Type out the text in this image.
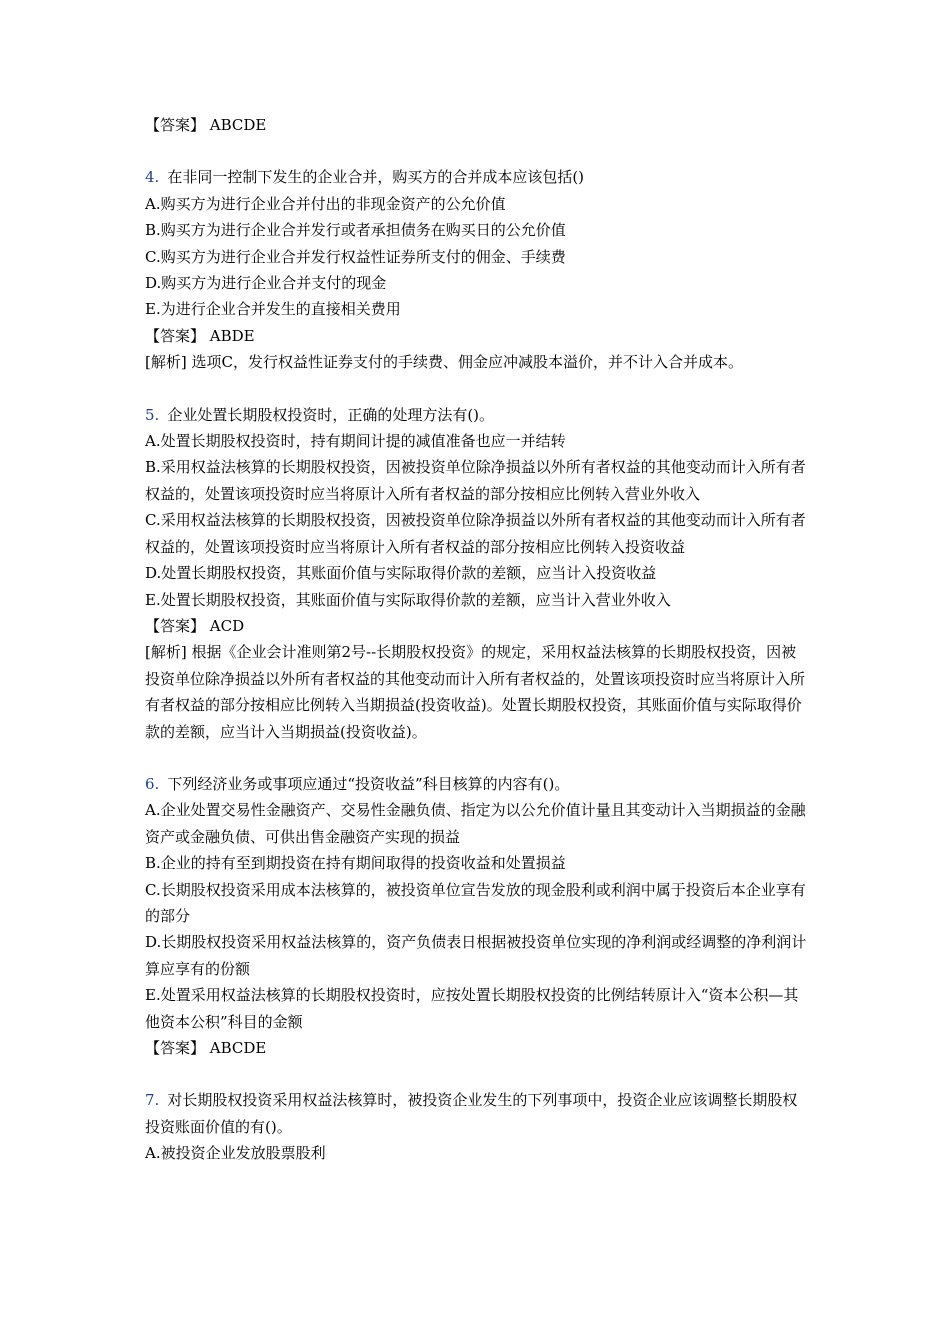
【答案】 ABCDE

4. 在非同一控制下发生的企业合并，购买方的合并成本应该包括()

A.购买方为进行企业合并付出的非现金资产的公允价值

B.购买方为进行企业合并发行或者承担债务在购买日的公允价值

C.购买方为进行企业合并发行权益性证券所支付的佣金、手续费

D.购买方为进行企业合并支付的现金

E.为进行企业合并发生的直接相关费用

【答案】 ABDE

[解析] 选项C，发行权益性证券支付的手续费、佣金应冲减股本溢价，并不计入合并成本。

5. 企业处置长期股权投资时，正确的处理方法有()。

A.处置长期股权投资时，持有期间计提的减值准备也应一并结转

B.采用权益法核算的长期股权投资，因被投资单位除净损益以外所有者权益的其他变动而计入所有者权益的，处置该项投资时应当将原计入所有者权益的部分按相应比例转入营业外收入

C.采用权益法核算的长期股权投资，因被投资单位除净损益以外所有者权益的其他变动而计入所有者权益的，处置该项投资时应当将原计入所有者权益的部分按相应比例转入投资收益

D.处置长期股权投资，其账面价值与实际取得价款的差额，应当计入投资收益

E.处置长期股权投资，其账面价值与实际取得价款的差额，应当计入营业外收入

【答案】 ACD

[解析] 根据《企业会计准则第2号--长期股权投资》的规定，采用权益法核算的长期股权投资，因被投资单位除净损益以外所有者权益的其他变动而计入所有者权益的，处置该项投资时应当将原计入所有者权益的部分按相应比例转入当期损益(投资收益)。处置长期股权投资，其账面价值与实际取得价款的差额，应当计入当期损益(投资收益)。

6. 下列经济业务或事项应通过“投资收益”科目核算的内容有()。

A.企业处置交易性金融资产、交易性金融负债、指定为以公允价值计量且其变动计入当期损益的金融资产或金融负债、可供出售金融资产实现的损益

B.企业的持有至到期投资在持有期间取得的投资收益和处置损益

C.长期股权投资采用成本法核算的，被投资单位宣告发放的现金股利或利润中属于投资后本企业享有的部分

D.长期股权投资采用权益法核算的，资产负债表日根据被投资单位实现的净利润或经调整的净利润计算应享有的份额

E.处置采用权益法核算的长期股权投资时，应按处置长期股权投资的比例结转原计入“资本公积—其他资本公积”科目的金额

【答案】 ABCDE

7. 对长期股权投资采用权益法核算时，被投资企业发生的下列事项中，投资企业应该调整长期股权投资账面价值的有()。

A.被投资企业发放股票股利
